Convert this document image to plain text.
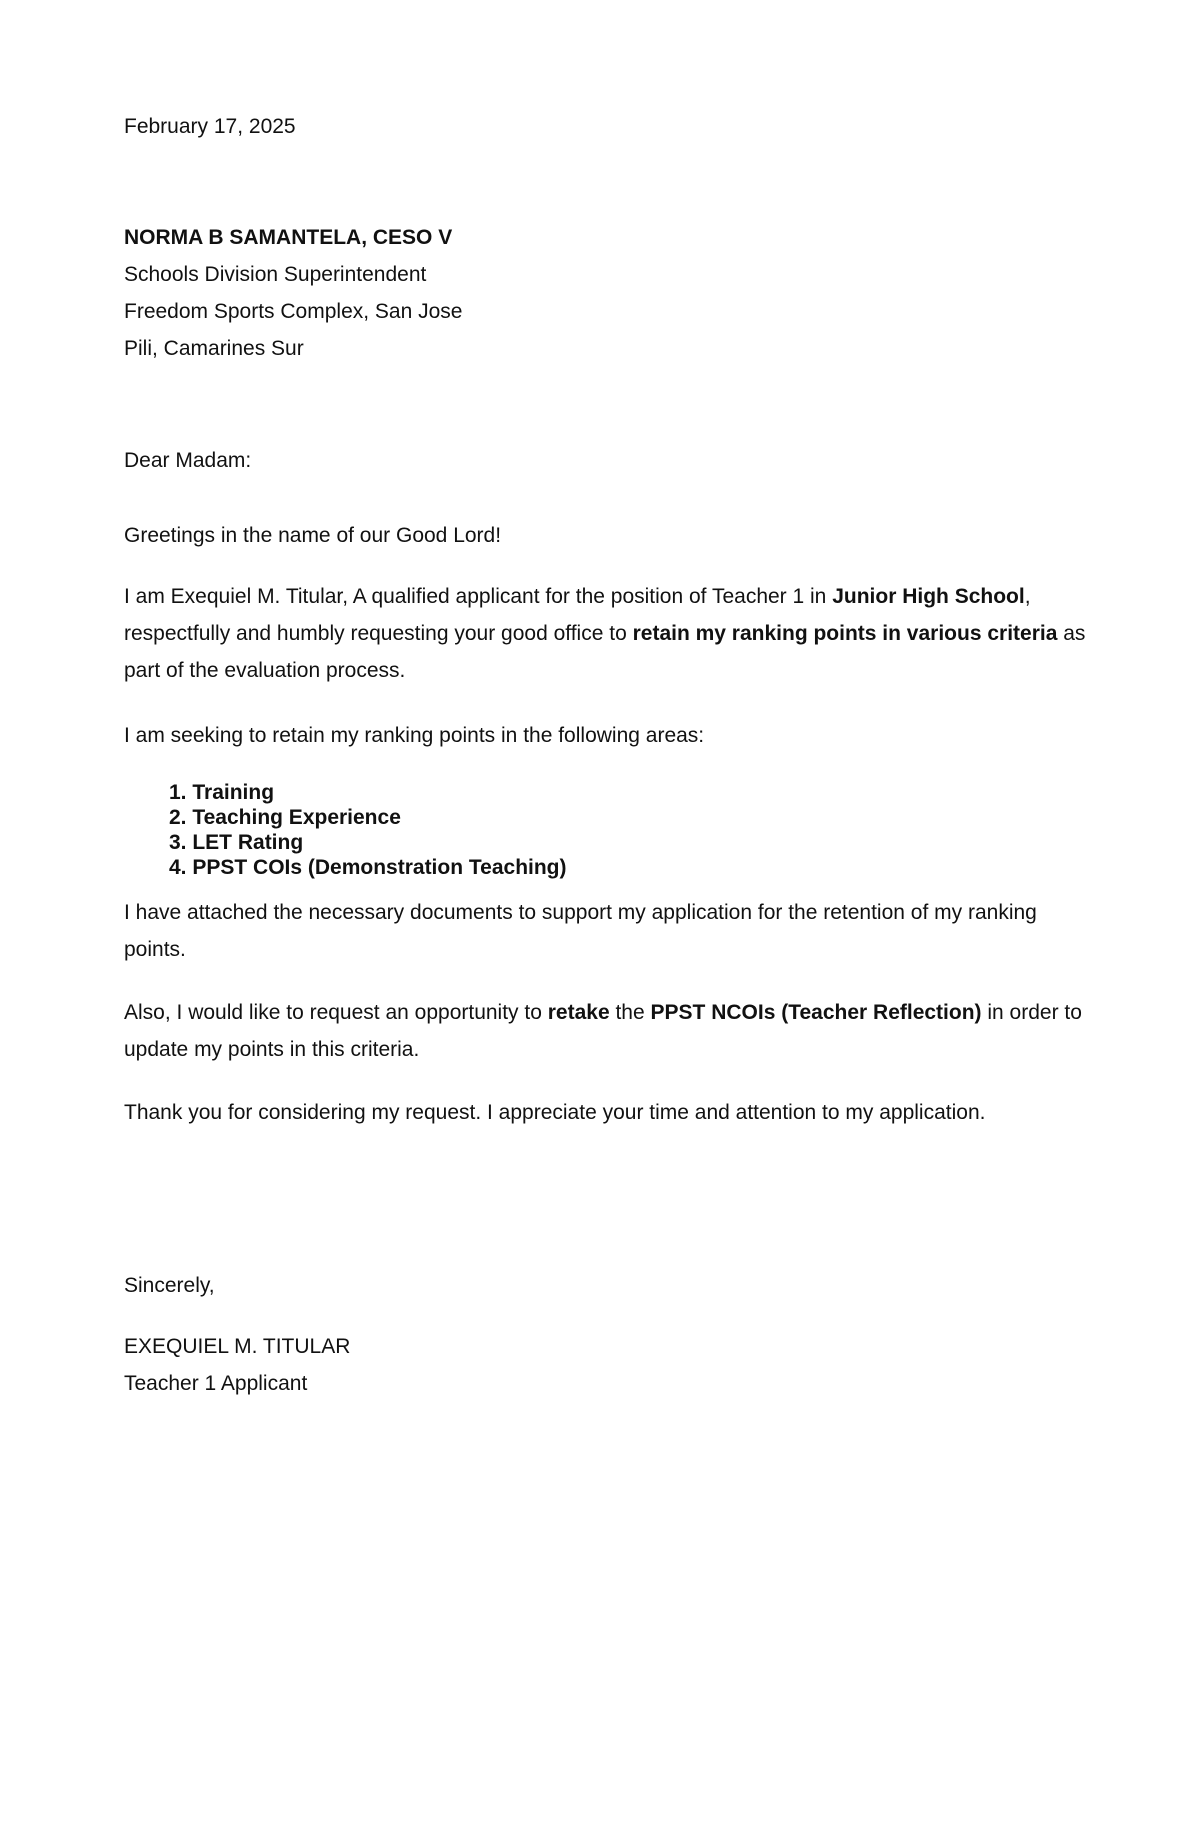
February 17, 2025

NORMA B SAMANTELA, CESO V
Schools Division Superintendent
Freedom Sports Complex, San Jose
Pili, Camarines Sur

Dear Madam:

Greetings in the name of our Good Lord!

I am Exequiel M. Titular, A qualified applicant for the position of Teacher 1 in Junior High School, respectfully and humbly requesting your good office to retain my ranking points in various criteria as part of the evaluation process.

I am seeking to retain my ranking points in the following areas:

1. Training
2. Teaching Experience
3. LET Rating
4. PPST COIs (Demonstration Teaching)

I have attached the necessary documents to support my application for the retention of my ranking points.

Also, I would like to request an opportunity to retake the PPST NCOIs (Teacher Reflection) in order to update my points in this criteria.

Thank you for considering my request. I appreciate your time and attention to my application.

Sincerely,

EXEQUIEL M. TITULAR
Teacher 1 Applicant
